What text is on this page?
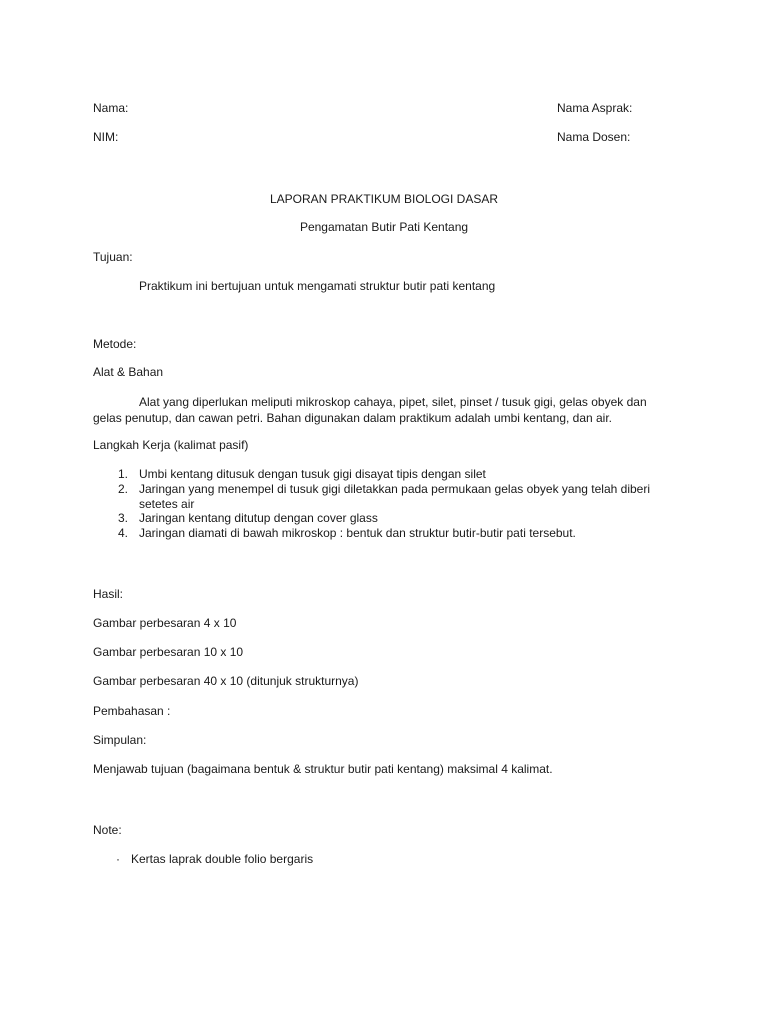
Nama:	Nama Asprak:
NIM:	Nama Dosen:
LAPORAN PRAKTIKUM BIOLOGI DASAR
Pengamatan Butir Pati Kentang
Tujuan:
Praktikum ini bertujuan untuk mengamati struktur butir pati kentang
Metode:
Alat & Bahan
Alat yang diperlukan meliputi mikroskop cahaya, pipet, silet, pinset / tusuk gigi, gelas obyek dan gelas penutup, dan cawan petri. Bahan digunakan dalam praktikum adalah umbi kentang, dan air.
Langkah Kerja (kalimat pasif)
1. Umbi kentang ditusuk dengan tusuk gigi disayat tipis dengan silet
2. Jaringan yang menempel di tusuk gigi diletakkan pada permukaan gelas obyek yang telah diberi setetes air
3. Jaringan kentang ditutup dengan cover glass
4. Jaringan diamati di bawah mikroskop : bentuk dan struktur butir-butir pati tersebut.
Hasil:
Gambar perbesaran 4 x 10
Gambar perbesaran 10 x 10
Gambar perbesaran 40 x 10 (ditunjuk strukturnya)
Pembahasan :
Simpulan:
Menjawab tujuan (bagaimana bentuk & struktur butir pati kentang) maksimal 4 kalimat.
Note:
· Kertas laprak double folio bergaris
